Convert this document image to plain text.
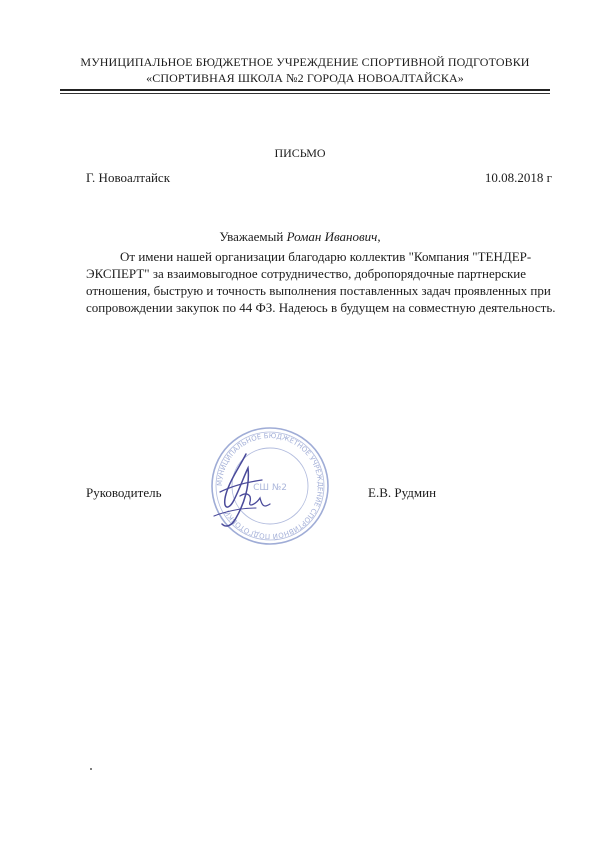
МУНИЦИПАЛЬНОЕ БЮДЖЕТНОЕ УЧРЕЖДЕНИЕ СПОРТИВНОЙ ПОДГОТОВКИ
«СПОРТИВНАЯ ШКОЛА №2 ГОРОДА НОВОАЛТАЙСКА»
ПИСЬМО
Г. Новоалтайск	10.08.2018 г
Уважаемый Роман Иванович,
От имени нашей организации благодарю коллектив "Компания "ТЕНДЕР-ЭКСПЕРТ" за взаимовыгодное сотрудничество, добропорядочные партнерские отношения, быструю и точность выполнения поставленных задач проявленных при сопровождении закупок по 44 ФЗ. Надеюсь в будущем на совместную деятельность.
Руководитель	Е.В. Рудмин
МУНИЦИПАЛЬНОЕ БЮДЖЕТНОЕ УЧРЕЖДЕНИЕ СПОРТИВНОЙ ПОДГОТОВКИ
СШ №2
